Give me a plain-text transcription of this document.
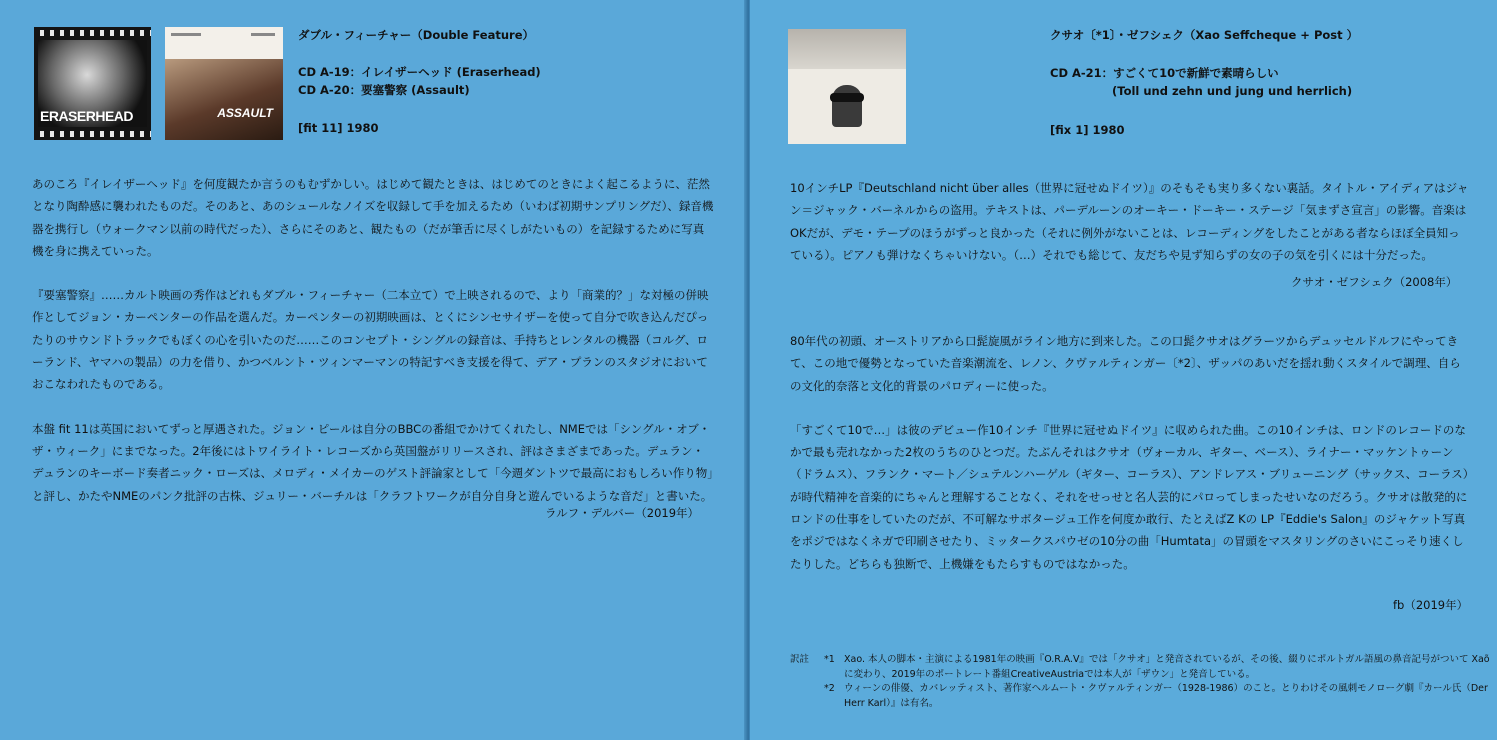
ERASERHEAD	ASSAULT
ダブル・フィーチャー（Double Feature）
CD A-19：イレイザーヘッド (Eraserhead)
CD A-20：要塞警察 (Assault)
[fit 11] 1980

あのころ『イレイザーヘッド』を何度観たか言うのもむずかしい。はじめて観たときは、はじめてのときによく起こるように、茫然となり陶酔感に襲われたものだ。そのあと、あのシュールなノイズを収録して手を加えるため（いわば初期サンプリングだ）、録音機器を携行し（ウォークマン以前の時代だった）、さらにそのあと、観たもの（だが筆舌に尽くしがたいもの）を記録するために写真機を身に携えていった。

『要塞警察』……カルト映画の秀作はどれもダブル・フィーチャー（二本立て）で上映されるので、より「商業的？」な対極の併映作としてジョン・カーペンターの作品を選んだ。カーペンターの初期映画は、とくにシンセサイザーを使って自分で吹き込んだぴったりのサウンドトラックでもぼくの心を引いたのだ……このコンセプト・シングルの録音は、手持ちとレンタルの機器（コルグ、ローランド、ヤマハの製品）の力を借り、かつベルント・ツィンマーマンの特記すべき支援を得て、デア・プランのスタジオにおいておこなわれたものである。

本盤 fit 11は英国においてずっと厚遇された。ジョン・ピールは自分のBBCの番組でかけてくれたし、NMEでは「シングル・オブ・ザ・ウィーク」にまでなった。2年後にはトワイライト・レコーズから英国盤がリリースされ、評はさまざまであった。デュラン・デュランのキーボード奏者ニック・ローズは、メロディ・メイカーのゲスト評論家として「今週ダントツで最高におもしろい作り物」と評し、かたやNMEのパンク批評の古株、ジュリー・バーチルは「クラフトワークが自分自身と遊んでいるような音だ」と書いた。

ラルフ・デルバー（2019年）
クサオ〔*1〕・ゼフシェク（Xao Seffcheque + Post ）
CD A-21：すごくて10で新鮮で素晴らしい
(Toll und zehn und jung und herrlich)
[fix 1] 1980

10インチLP『Deutschland nicht über alles（世界に冠せぬドイツ）』のそもそも実り多くない裏話。タイトル・アイディアはジャン＝ジャック・バーネルからの盗用。テキストは、パーデルーンのオーキー・ドーキー・ステージ「気まずさ宣言」の影響。音楽はOKだが、デモ・テープのほうがずっと良かった（それに例外がないことは、レコーディングをしたことがある者ならほぼ全員知っている）。ピアノも弾けなくちゃいけない。（…）それでも総じて、友だちや見ず知らずの女の子の気を引くには十分だった。

クサオ・ゼフシェク（2008年）

80年代の初頭、オーストリアから口髭旋風がライン地方に到来した。この口髭クサオはグラーツからデュッセルドルフにやってきて、この地で優勢となっていた音楽潮流を、レノン、クヴァルティンガー〔*2〕、ザッパのあいだを揺れ動くスタイルで調理、自らの文化的奈落と文化的背景のパロディーに使った。

「すごくて10で…」は彼のデビュー作10インチ『世界に冠せぬドイツ』に収められた曲。この10インチは、ロンドのレコードのなかで最も売れなかった2枚のうちのひとつだ。たぶんそれはクサオ（ヴォーカル、ギター、ベース）、ライナー・マッケントゥーン（ドラムス）、フランク・マート／シュテルンハーゲル（ギター、コーラス）、アンドレアス・ブリューニング（サックス、コーラス）が時代精神を音楽的にちゃんと理解することなく、それをせっせと名人芸的にパロってしまったせいなのだろう。クサオは散発的にロンドの仕事をしていたのだが、不可解なサボタージュ工作を何度か敢行、たとえばZ Kの LP『Eddie's Salon』のジャケット写真をポジではなくネガで印刷させたり、ミッタークスパウゼの10分の曲「Humtata」の冒頭をマスタリングのさいにこっそり速くしたりした。どちらも独断で、上機嫌をもたらすものではなかった。

fb（2019年）
訳註	*1 Xao. 本人の脚本・主演による1981年の映画『O.R.A.V』では「クサオ」と発音されているが、その後、綴りにポルトガル語風の鼻音記号がついて Xaõ に変わり、2019年のポートレート番組CreativeAustriaでは本人が「ザウン」と発音している。
*2 ウィーンの俳優、カバレッティスト、著作家ヘルムート・クヴァルティンガー（1928-1986）のこと。とりわけその風刺モノローグ劇『カール氏（Der Herr Karl）』は有名。
